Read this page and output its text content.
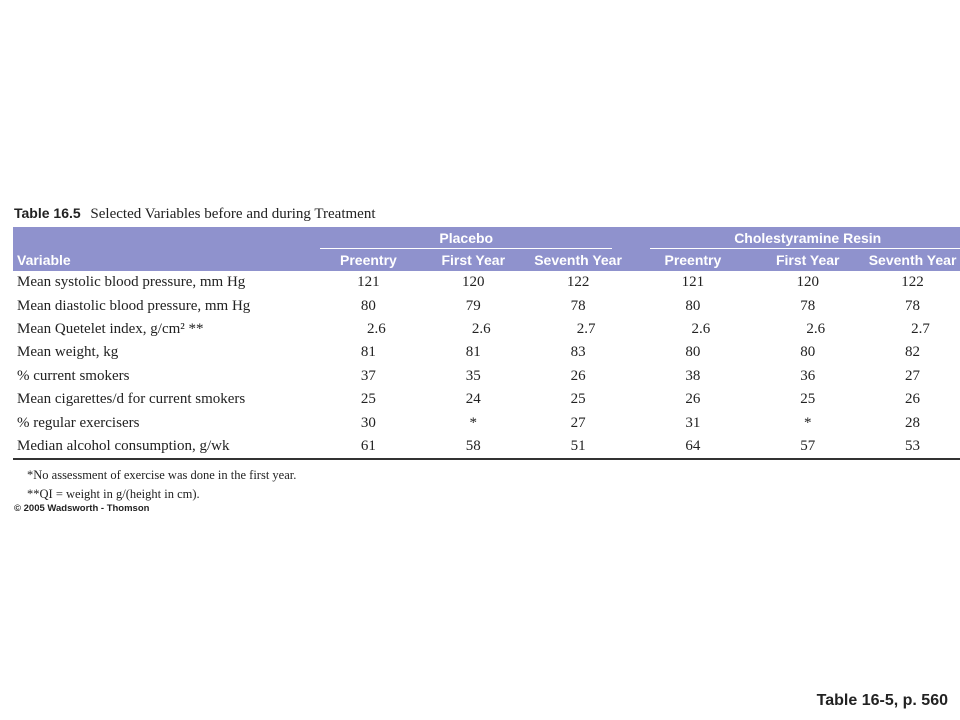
Table 16.5 Selected Variables before and during Treatment

	Placebo			Cholestyramine Resin		

Variable	Preentry	First Year	Seventh Year	Preentry	First Year	Seventh Year
Mean systolic blood pressure, mm Hg	121	120	122	121	120	122
Mean diastolic blood pressure, mm Hg	80	79	78	80	78	78
Mean Quetelet index, g/cm² **	2.6	2.6	2.7	2.6	2.6	2.7
Mean weight, kg	81	81	83	80	80	82
% current smokers	37	35	26	38	36	27
Mean cigarettes/d for current smokers	25	24	25	26	25	26
% regular exercisers	30	*	27	31	*	28
Median alcohol consumption, g/wk	61	58	51	64	57	53
*No assessment of exercise was done in the first year.
**QI = weight in g/(height in cm).
© 2005 Wadsworth - Thomson
Table 16-5, p. 560
